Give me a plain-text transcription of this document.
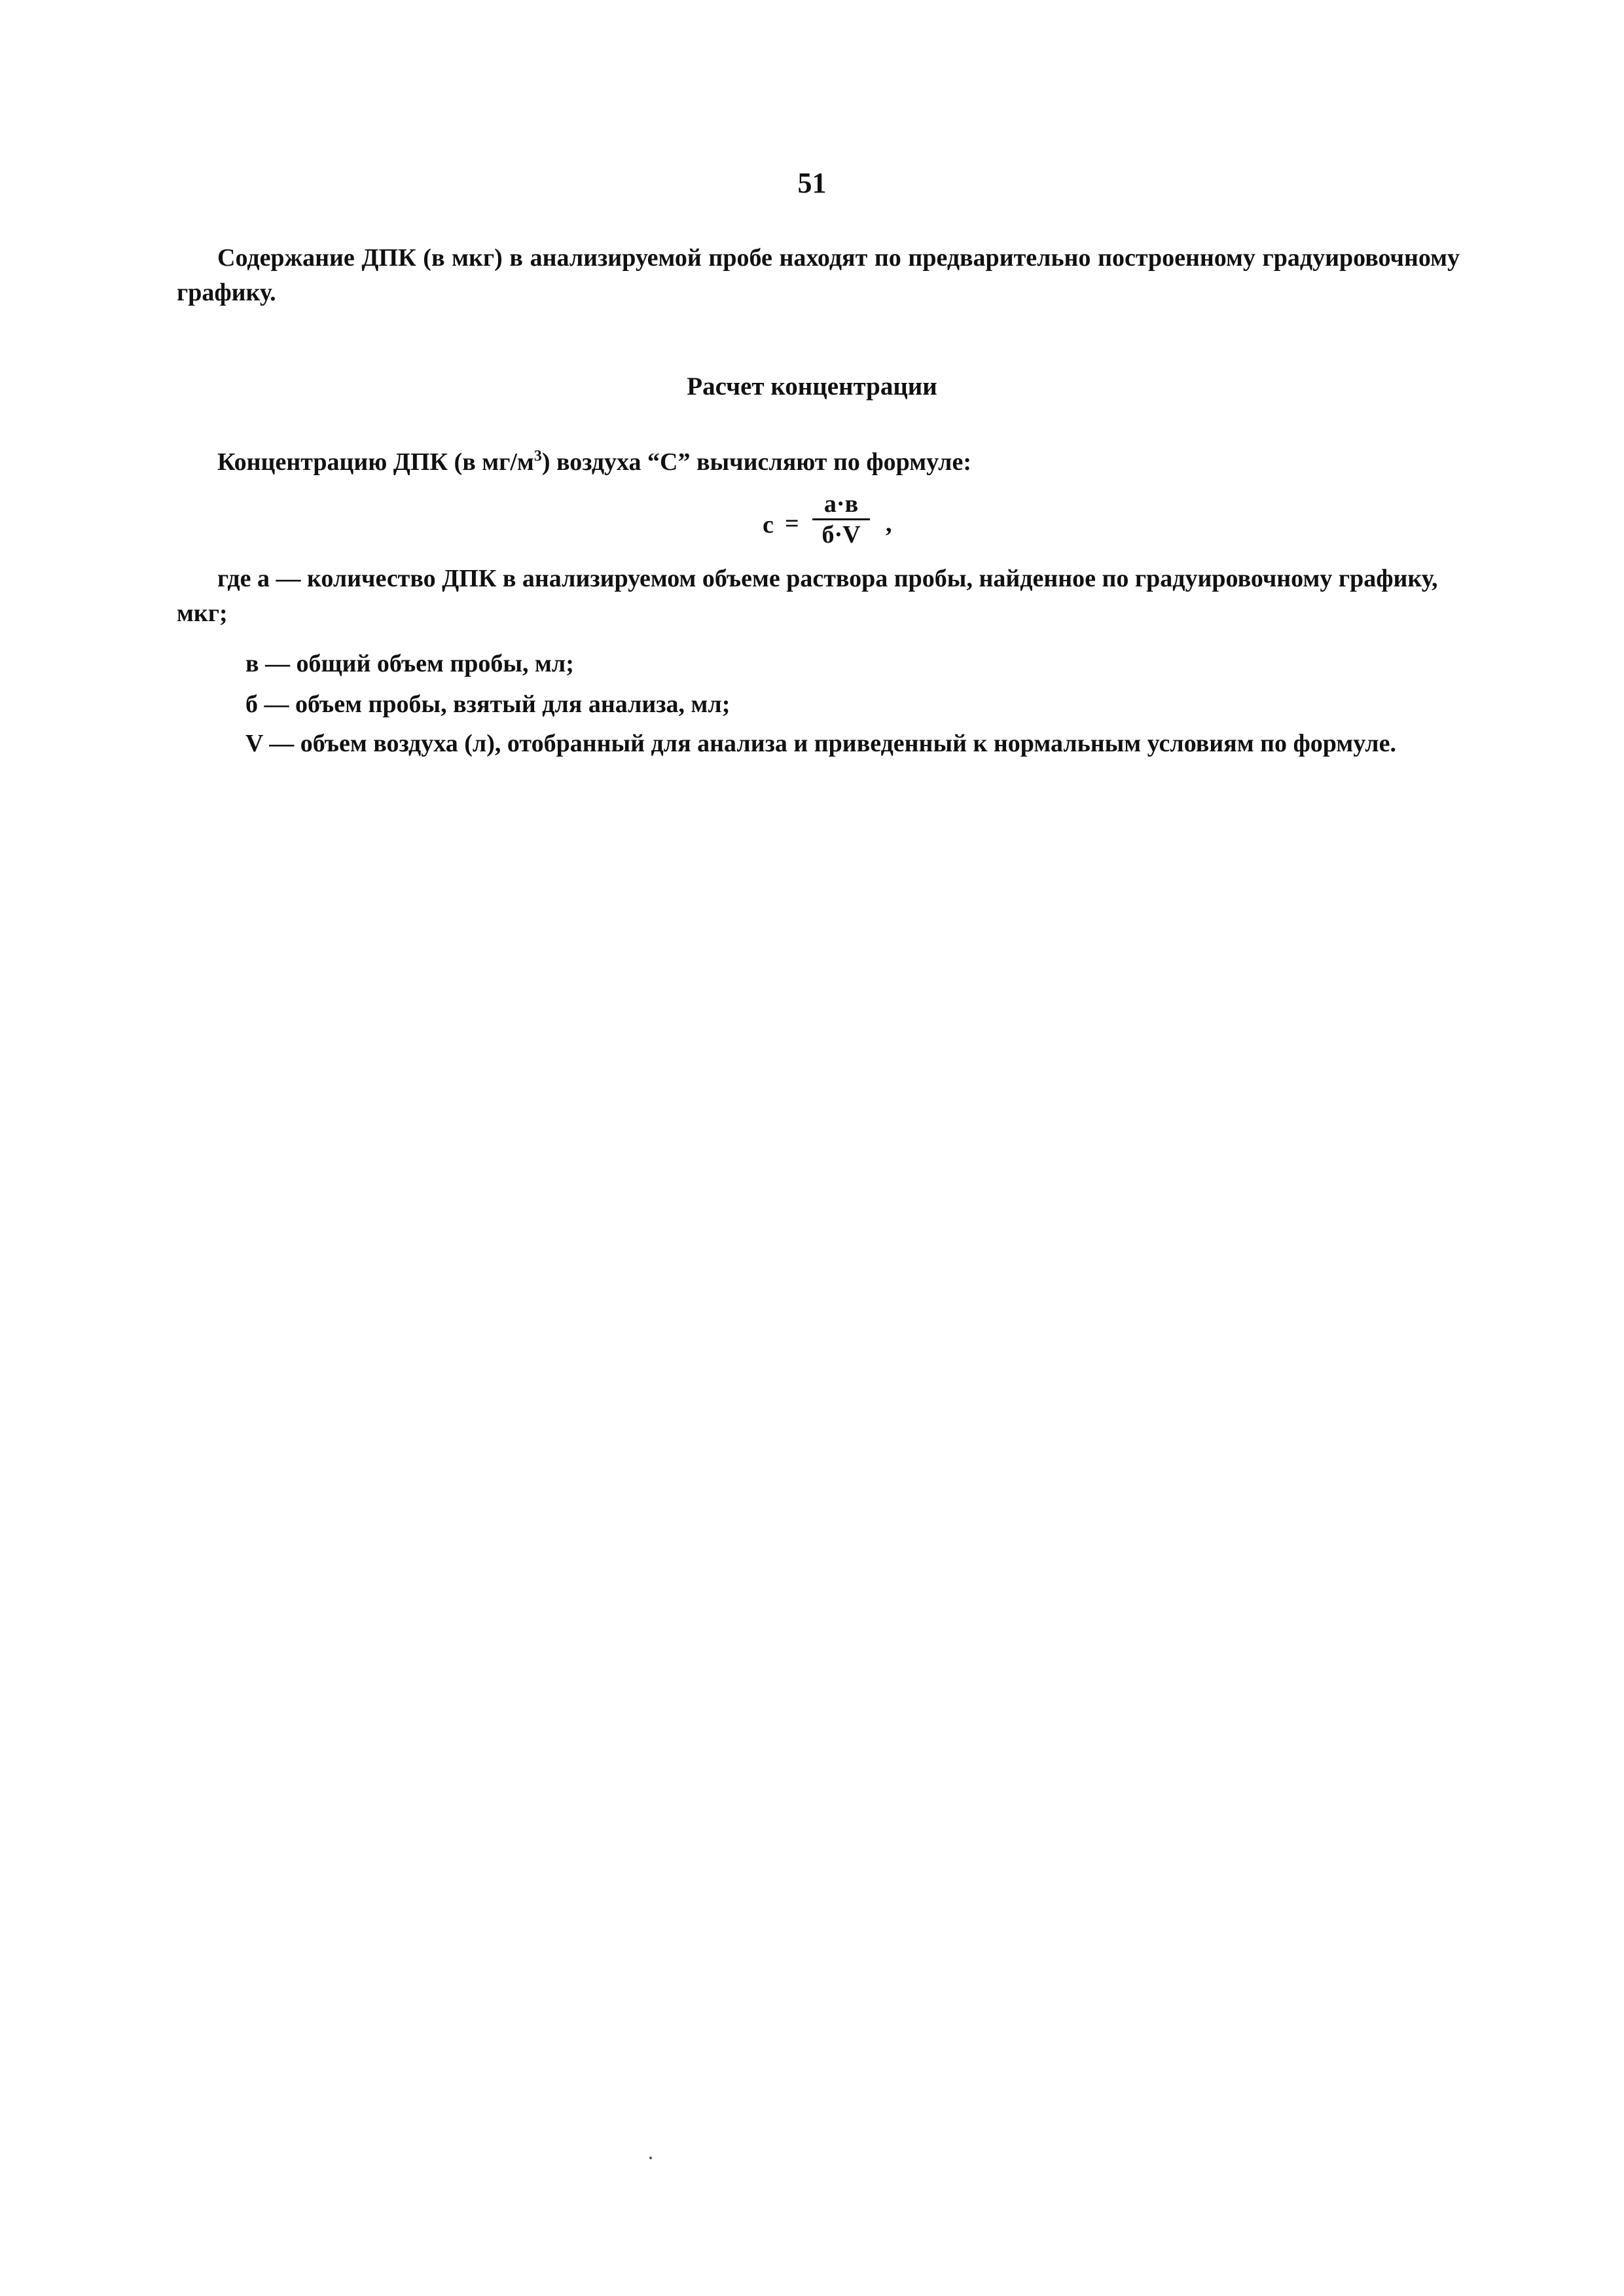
51

Содержание ДПК (в мкг) в анализируемой пробе находят по предварительно построенному градуировочному графику.

Расчет концентрации

Концентрацию ДПК (в $мг/м^3$) воздуха “С” вычисляют по формуле:

с =
а·в
б·V	,

где а — количество ДПК в анализируемом объеме раствора пробы, найденное по градуировочному графику, мкг;

в — общий объем пробы, мл;

б — объем пробы, взятый для анализа, мл;

V — объем воздуха (л), отобранный для анализа и приведенный к нормальным условиям по формуле.
